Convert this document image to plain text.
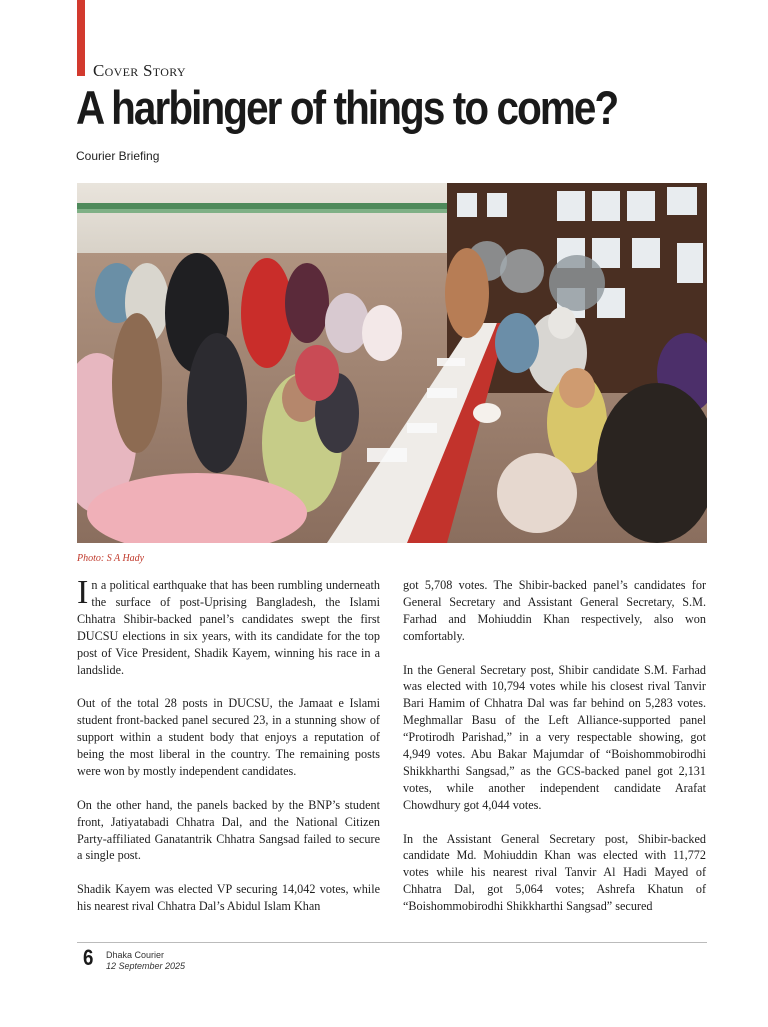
Cover Story
A harbinger of things to come?
Courier Briefing
Photo: S A Hady

In a political earthquake that has been rumbling underneath the surface of post-Uprising Bangladesh, the Islami Chhatra Shibir-backed panel’s candidates swept the first DUCSU elections in six years, with its candidate for the top post of Vice President, Shadik Kayem, winning his race in a landslide.

Out of the total 28 posts in DUCSU, the Jamaat e Islami student front-backed panel secured 23, in a stunning show of support within a student body that enjoys a reputation of being the most liberal in the country. The remaining posts were won by mostly independent candidates.

On the other hand, the panels backed by the BNP’s student front, Jatiyatabadi Chhatra Dal, and the National Citizen Party-affiliated Ganatantrik Chhatra Sangsad failed to secure a single post.

Shadik Kayem was elected VP securing 14,042 votes, while his nearest rival Chhatra Dal’s Abidul Islam Khan

got 5,708 votes. The Shibir-backed panel’s candidates for General Secretary and Assistant General Secretary, S.M. Farhad and Mohiuddin Khan respectively, also won comfortably.

In the General Secretary post, Shibir candidate S.M. Farhad was elected with 10,794 votes while his closest rival Tanvir Bari Hamim of Chhatra Dal was far behind on 5,283 votes. Meghmallar Basu of the Left Alliance-supported panel “Protirodh Parishad,” in a very respectable showing, got 4,949 votes. Abu Bakar Majumdar of “Boishommobirodhi Shikkharthi Sangsad,” as the GCS-backed panel got 2,131 votes, while another independent candidate Arafat Chowdhury got 4,044 votes.

In the Assistant General Secretary post, Shibir-backed candidate Md. Mohiuddin Khan was elected with 11,772 votes while his nearest rival Tanvir Al Hadi Mayed of Chhatra Dal, got 5,064 votes; Ashrefa Khatun of “Boishommobirodhi Shikkharthi Sangsad” secured

6 Dhaka Courier
12 September 2025
